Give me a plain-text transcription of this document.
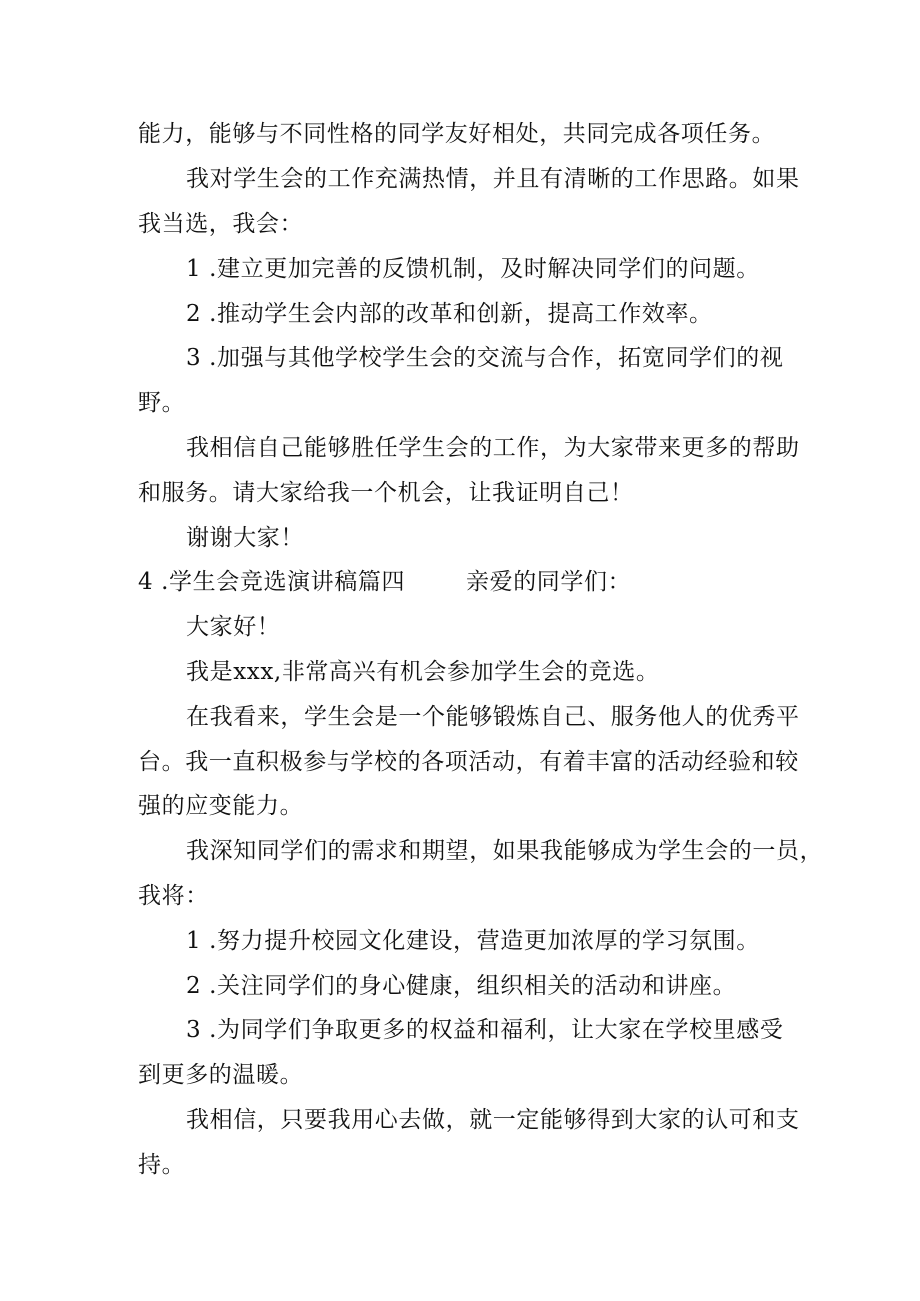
能力，能够与不同性格的同学友好相处，共同完成各项任务。
我对学生会的工作充满热情，并且有清晰的工作思路。如果
我当选，我会：
1 .建立更加完善的反馈机制，及时解决同学们的问题。
2 .推动学生会内部的改革和创新，提高工作效率。
3 .加强与其他学校学生会的交流与合作，拓宽同学们的视
野。
我相信自己能够胜任学生会的工作，为大家带来更多的帮助
和服务。请大家给我一个机会，让我证明自己！
谢谢大家！
4 .学生会竞选演讲稿篇四	亲爱的同学们：
大家好！
我是xxx,非常高兴有机会参加学生会的竞选。
在我看来，学生会是一个能够锻炼自己、服务他人的优秀平
台。我一直积极参与学校的各项活动，有着丰富的活动经验和较
强的应变能力。
我深知同学们的需求和期望，如果我能够成为学生会的一员，
我将：
1 .努力提升校园文化建设，营造更加浓厚的学习氛围。
2 .关注同学们的身心健康，组织相关的活动和讲座。
3 .为同学们争取更多的权益和福利，让大家在学校里感受
到更多的温暖。
我相信，只要我用心去做，就一定能够得到大家的认可和支
持。
